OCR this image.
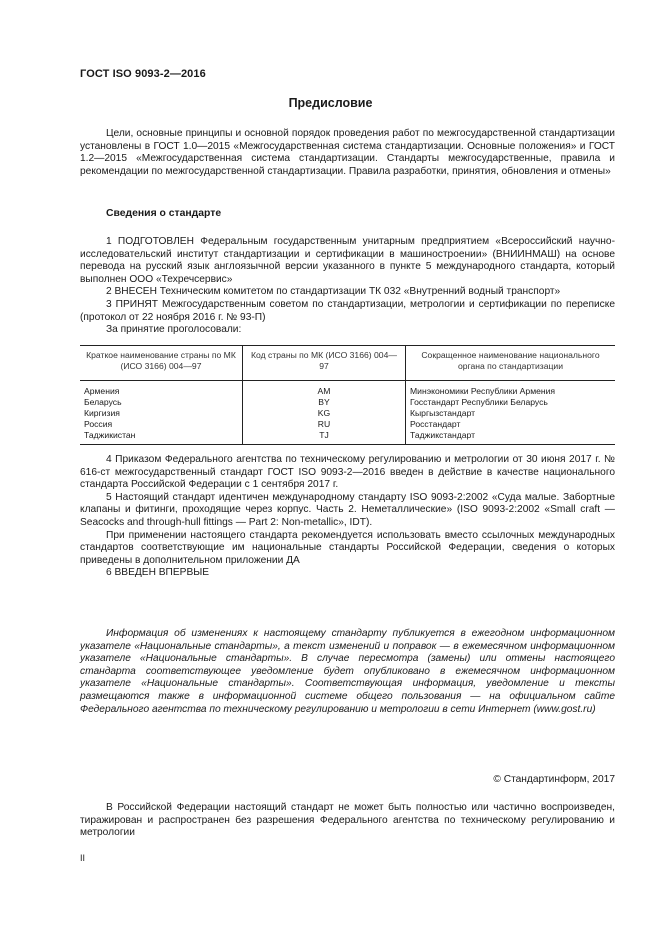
ГОСТ ISO 9093-2—2016
Предисловие

Цели, основные принципы и основной порядок проведения работ по межгосударственной стандартизации установлены в ГОСТ 1.0—2015 «Межгосударственная система стандартизации. Основные положения» и ГОСТ 1.2—2015 «Межгосударственная система стандартизации. Стандарты межгосударственные, правила и рекомендации по межгосударственной стандартизации. Правила разработки, принятия, обновления и отмены»

Сведения о стандарте

1 ПОДГОТОВЛЕН Федеральным государственным унитарным предприятием «Всероссийский научно-исследовательский институт стандартизации и сертификации в машиностроении» (ВНИИНМАШ) на основе перевода на русский язык англоязычной версии указанного в пункте 5 международного стандарта, который выполнен ООО «Техречсервис»

2 ВНЕСЕН Техническим комитетом по стандартизации ТК 032 «Внутренний водный транспорт»

3 ПРИНЯТ Межгосударственным советом по стандартизации, метрологии и сертификации по переписке (протокол от 22 ноября 2016 г. № 93-П)

За принятие проголосовали:

Краткое наименование страны по МК (ИСО 3166) 004—97	Код страны по МК (ИСО 3166) 004—97	Сокращенное наименование национального органа по стандартизации
Армения	AM	Минэкономики Республики Армения
Беларусь	BY	Госстандарт Республики Беларусь
Киргизия	KG	Кыргызстандарт
Россия	RU	Росстандарт
Таджикистан	TJ	Таджикстандарт

4 Приказом Федерального агентства по техническому регулированию и метрологии от 30 июня 2017 г. № 616-ст межгосударственный стандарт ГОСТ ISO 9093-2—2016 введен в действие в качестве национального стандарта Российской Федерации с 1 сентября 2017 г.

5 Настоящий стандарт идентичен международному стандарту ISO 9093-2:2002 «Суда малые. Забортные клапаны и фитинги, проходящие через корпус. Часть 2. Неметаллические» (ISO 9093-2:2002 «Small craft — Seacocks and through-hull fittings — Part 2: Non-metallic», IDT).

При применении настоящего стандарта рекомендуется использовать вместо ссылочных международных стандартов соответствующие им национальные стандарты Российской Федерации, сведения о которых приведены в дополнительном приложении ДА

6 ВВЕДЕН ВПЕРВЫЕ

Информация об изменениях к настоящему стандарту публикуется в ежегодном информационном указателе «Национальные стандарты», а текст изменений и поправок — в ежемесячном информационном указателе «Национальные стандарты». В случае пересмотра (замены) или отмены настоящего стандарта соответствующее уведомление будет опубликовано в ежемесячном информационном указателе «Национальные стандарты». Соответствующая информация, уведомление и тексты размещаются также в информационной системе общего пользования — на официальном сайте Федерального агентства по техническому регулированию и метрологии в сети Интернет (www.gost.ru)

© Стандартинформ, 2017

В Российской Федерации настоящий стандарт не может быть полностью или частично воспроизведен, тиражирован и распространен без разрешения Федерального агентства по техническому регулированию и метрологии

II
